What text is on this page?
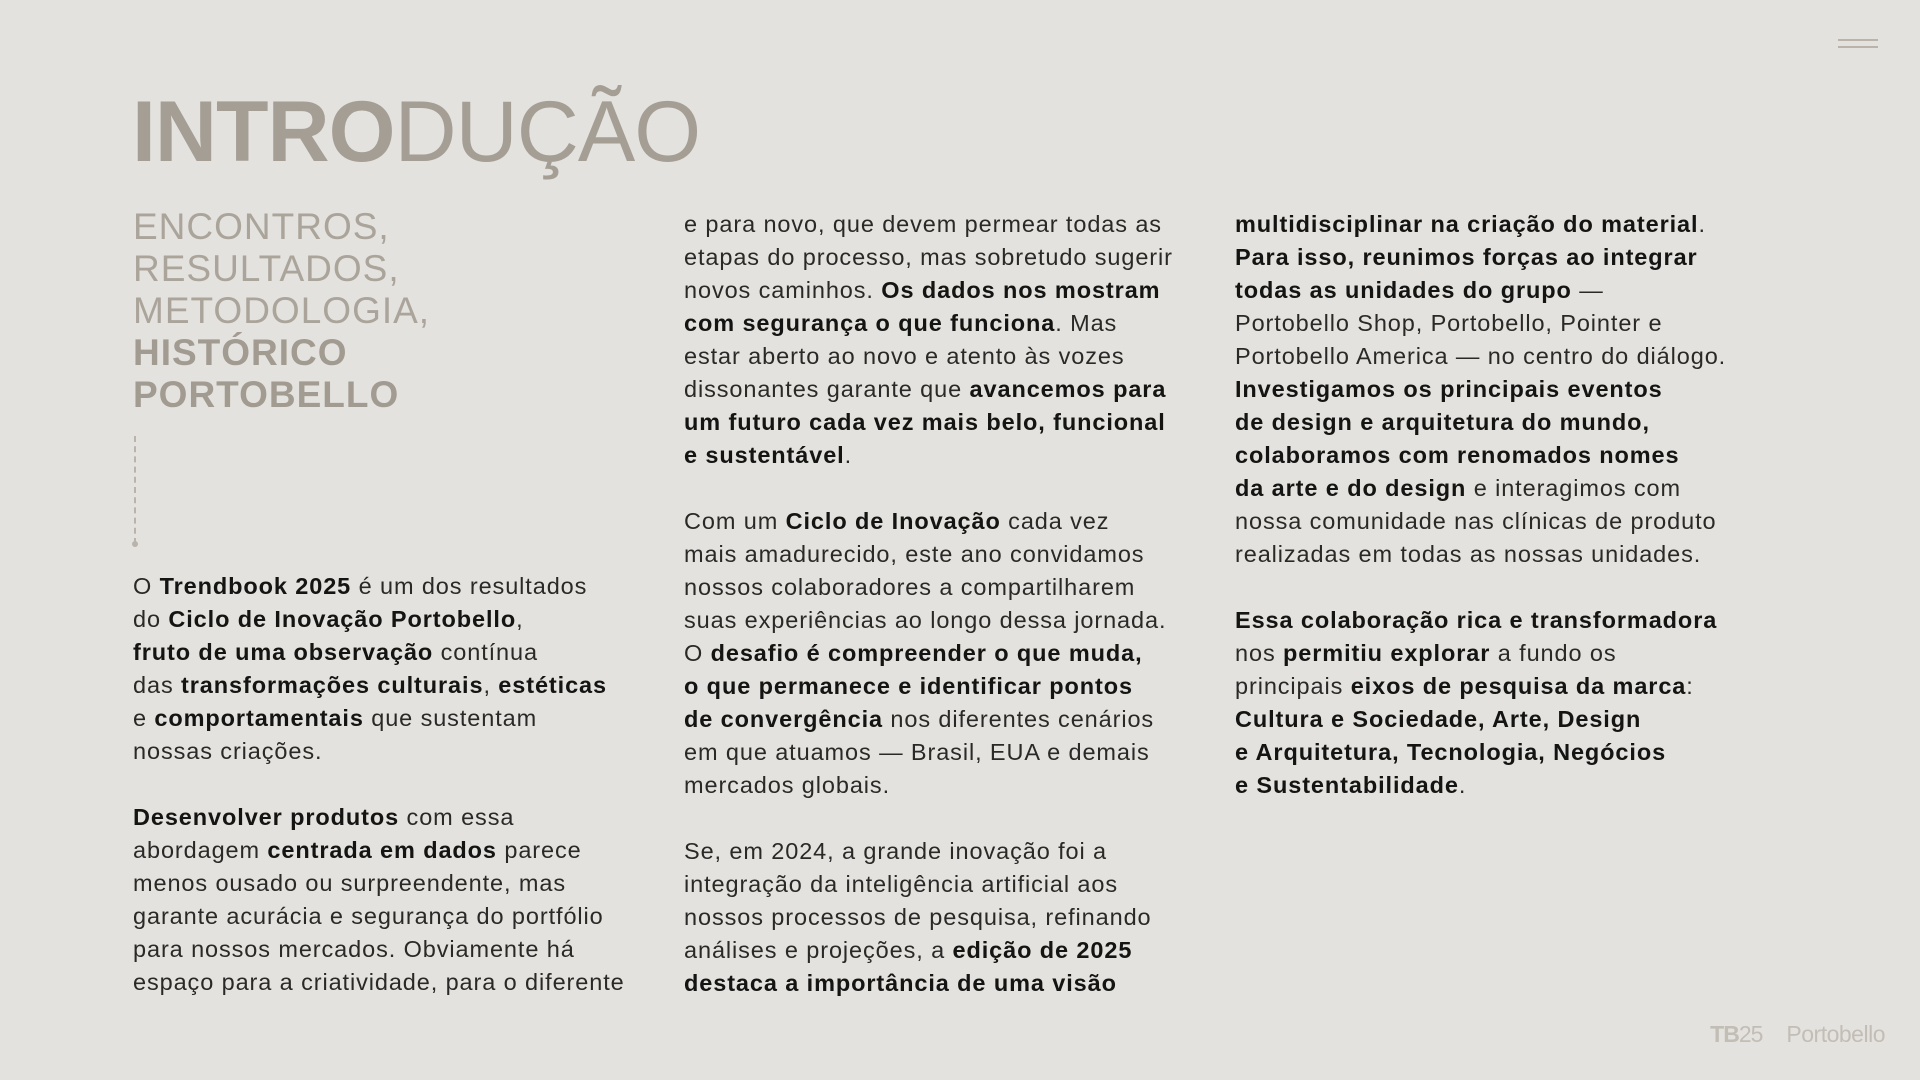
INTRODUÇÃO
ENCONTROS,
RESULTADOS,
METODOLOGIA,
HISTÓRICO
PORTOBELLO

O Trendbook 2025 é um dos resultados
do Ciclo de Inovação Portobello,
fruto de uma observação contínua
das transformações culturais, estéticas
e comportamentais que sustentam
nossas criações.

Desenvolver produtos com essa
abordagem centrada em dados parece
menos ousado ou surpreendente, mas
garante acurácia e segurança do portfólio
para nossos mercados. Obviamente há
espaço para a criatividade, para o diferente

e para novo, que devem permear todas as
etapas do processo, mas sobretudo sugerir
novos caminhos. Os dados nos mostram
com segurança o que funciona. Mas
estar aberto ao novo e atento às vozes
dissonantes garante que avancemos para
um futuro cada vez mais belo, funcional
e sustentável.

Com um Ciclo de Inovação cada vez
mais amadurecido, este ano convidamos
nossos colaboradores a compartilharem
suas experiências ao longo dessa jornada.
O desafio é compreender o que muda,
o que permanece e identificar pontos
de convergência nos diferentes cenários
em que atuamos — Brasil, EUA e demais
mercados globais.

Se, em 2024, a grande inovação foi a
integração da inteligência artificial aos
nossos processos de pesquisa, refinando
análises e projeções, a edição de 2025
destaca a importância de uma visão

multidisciplinar na criação do material.
Para isso, reunimos forças ao integrar
todas as unidades do grupo —
Portobello Shop, Portobello, Pointer e
Portobello America — no centro do diálogo.
Investigamos os principais eventos
de design e arquitetura do mundo,
colaboramos com renomados nomes
da arte e do design e interagimos com
nossa comunidade nas clínicas de produto
realizadas em todas as nossas unidades.

Essa colaboração rica e transformadora
nos permitiu explorar a fundo os
principais eixos de pesquisa da marca:
Cultura e Sociedade, Arte, Design
e Arquitetura, Tecnologia, Negócios
e Sustentabilidade.

TB25 Portobello
